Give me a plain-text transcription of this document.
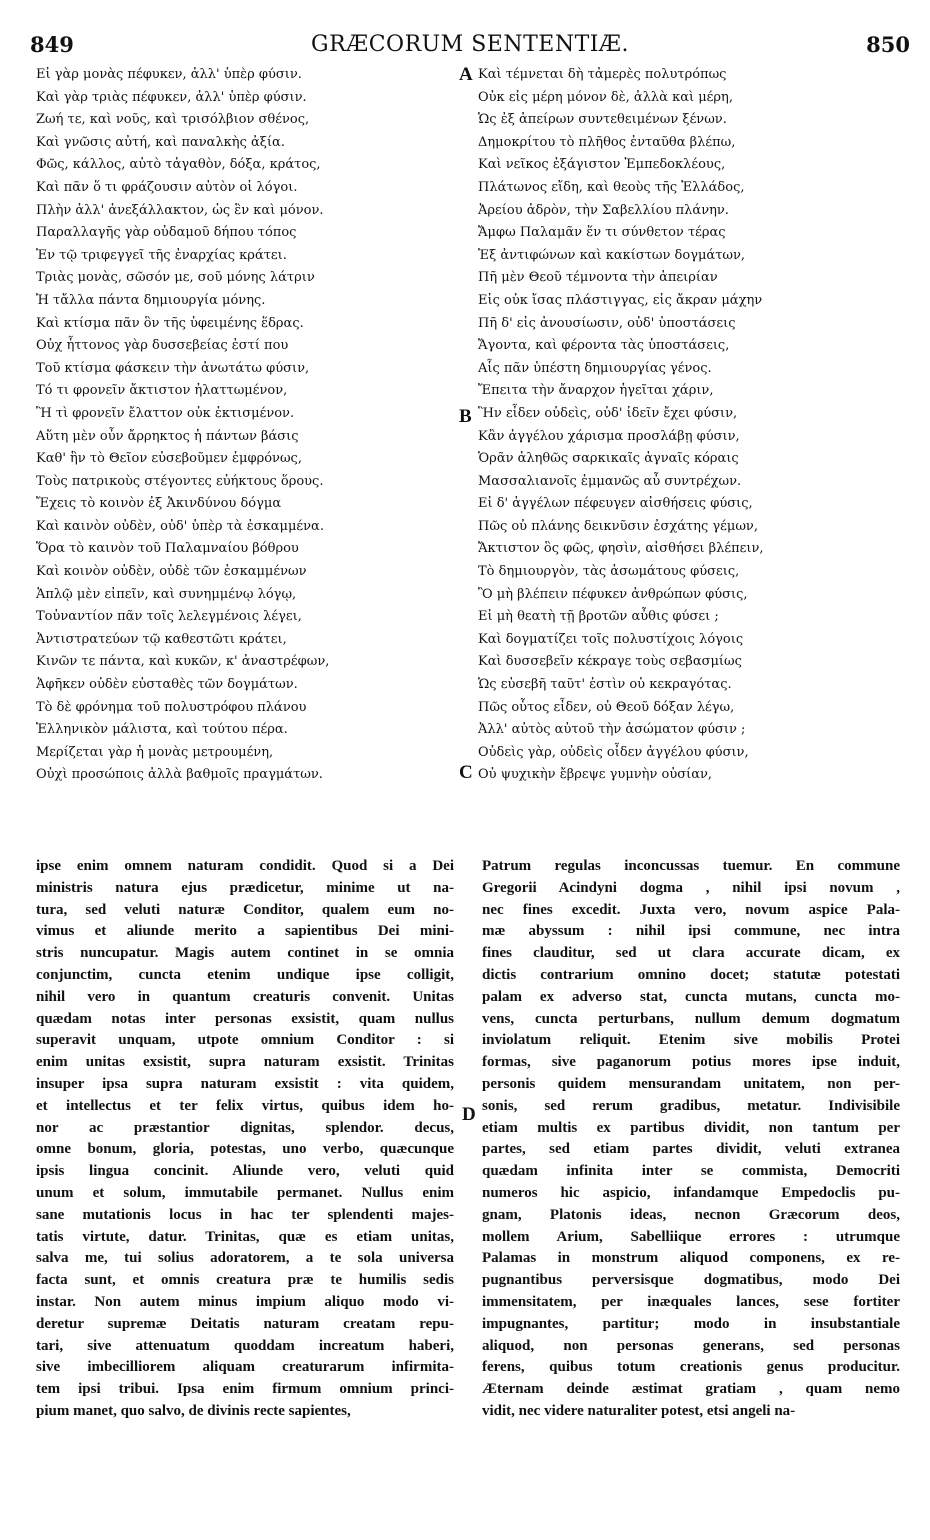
849	GRÆCORUM SENTENTIÆ.	850
Εἰ γὰρ μονὰς πέφυκεν, ἀλλ' ὑπὲρ φύσιν.
Καὶ γὰρ τριὰς πέφυκεν, ἀλλ' ὑπὲρ φύσιν.
Ζωή τε, καὶ νοῦς, καὶ τρισόλβιον σθένος,
Καὶ γνῶσις αὐτή, καὶ παναλκὴς ἀξία.
Φῶς, κάλλος, αὐτὸ τἀγαθὸν, δόξα, κράτος,
Καὶ πᾶν ὅ τι φράζουσιν αὐτὸν οἱ λόγοι.
Πλὴν ἀλλ' ἀνεξάλλακτον, ὡς ἓν καὶ μόνον.
Παραλλαγῆς γὰρ οὐδαμοῦ δήπου τόπος
Ἐν τῷ τριφεγγεῖ τῆς ἐναρχίας κράτει.
Τριὰς μονὰς, σῶσόν με, σοῦ μόνης λάτριν
Ἡ τἄλλα πάντα δημιουργία μόνης.
Καὶ κτίσμα πᾶν ὃν τῆς ὑφειμένης ἕδρας.
Οὐχ ἧττονος γὰρ δυσσεβείας ἐστί που
Τοῦ κτίσμα φάσκειν τὴν ἀνωτάτω φύσιν,
Τό τι φρονεῖν ἄκτιστον ἠλαττωμένον,
Ἢ τὶ φρονεῖν ἔλαττον οὐκ ἐκτισμένον.
Αὕτη μὲν οὖν ἄρρηκτος ἡ πάντων βάσις
Καθ' ἣν τὸ Θεῖον εὐσεβοῦμεν ἐμφρόνως,
Τοὺς πατρικοὺς στέγοντες εὐήκτους ὅρους.
Ἔχεις τὸ κοινὸν ἐξ Ἀκινδύνου δόγμα
Καὶ καινὸν οὐδὲν, οὐδ' ὑπὲρ τὰ ἐσκαμμένα.
Ὅρα τὸ καινὸν τοῦ Παλαμναίου βόθρου
Καὶ κοινὸν οὐδὲν, οὐδὲ τῶν ἐσκαμμένων
Ἁπλῷ μὲν εἰπεῖν, καὶ συνημμένῳ λόγῳ,
Τοὐναντίον πᾶν τοῖς λελεγμένοις λέγει,
Ἀντιστρατεύων τῷ καθεστῶτι κράτει,
Κινῶν τε πάντα, καὶ κυκῶν, κ' ἀναστρέφων,
Ἀφῆκεν οὐδὲν εὐσταθὲς τῶν δογμάτων.
Τὸ δὲ φρόνημα τοῦ πολυστρόφου πλάνου
Ἑλληνικὸν μάλιστα, καὶ τούτου πέρα.
Μερίζεται γὰρ ἡ μονὰς μετρουμένη,
Οὐχὶ προσώποις ἀλλὰ βαθμοῖς πραγμάτων.
Καὶ τέμνεται δὴ τἀμερὲς πολυτρόπως
Οὐκ εἰς μέρη μόνον δὲ, ἀλλὰ καὶ μέρη,
Ὡς ἐξ ἀπείρων συντεθειμένων ξένων.
Δημοκρίτου τὸ πλῆθος ἐνταῦθα βλέπω,
Καὶ νεῖκος ἐξάγιστον Ἐμπεδοκλέους,
Πλάτωνος εἴδη, καὶ θεοὺς τῆς Ἑλλάδος,
Ἀρείου ἀδρὸν, τὴν Σαβελλίου πλάνην.
Ἄμφω Παλαμᾶν ἕν τι σύνθετον τέρας
Ἐξ ἀντιφώνων καὶ κακίστων δογμάτων,
Πῆ μὲν Θεοῦ τέμνοντα τὴν ἀπειρίαν
Εἰς οὐκ ἴσας πλάστιγγας, εἰς ἄκραν μάχην
Πῆ δ' εἰς ἀνουσίωσιν, οὐδ' ὑποστάσεις
Ἄγοντα, καὶ φέροντα τὰς ὑποστάσεις,
Αἷς πᾶν ὑπέστη δημιουργίας γένος.
Ἔπειτα τὴν ἄναρχον ἡγεῖται χάριν,
Ἣν εἶδεν οὐδεὶς, οὐδ' ἰδεῖν ἔχει φύσιν,
Κἂν ἀγγέλου χάρισμα προσλάβῃ φύσιν,
Ὁρᾶν ἀληθῶς σαρκικαῖς ἀγναῖς κόραις
Μασσαλιανοῖς ἐμμανῶς αὖ συντρέχων.
Εἰ δ' ἀγγέλων πέφευγεν αἰσθήσεις φύσις,
Πῶς οὐ πλάνης δεικνῦσιν ἐσχάτης γέμων,
Ἄκτιστον ὃς φῶς, φησὶν, αἰσθήσει βλέπειν,
Τὸ δημιουργὸν, τὰς ἀσωμάτους φύσεις,
Ὃ μὴ βλέπειν πέφυκεν ἀνθρώπων φύσις,
Εἰ μὴ θεατὴ τῇ βροτῶν αὖθις φύσει ;
Καὶ δογματίζει τοῖς πολυστίχοις λόγοις
Καὶ δυσσεβεῖν κέκραγε τοὺς σεβασμίως
Ὡς εὐσεβῆ ταῦτ' ἐστὶν οὐ κεκραγότας.
Πῶς οὗτος εἶδεν, οὐ Θεοῦ δόξαν λέγω,
Ἀλλ' αὐτὸς αὐτοῦ τὴν ἀσώματον φύσιν ;
Οὐδεὶς γὰρ, οὐδεὶς οἶδεν ἀγγέλου φύσιν,
Οὐ ψυχικὴν ἔβρεψε γυμνὴν οὐσίαν,
A
B
C
D
ipse enim omnem naturam condidit. Quod si a Dei
ministris natura ejus prædicetur, minime ut na-
tura, sed veluti naturæ Conditor, qualem eum no-
vimus et aliunde merito a sapientibus Dei mini-
stris nuncupatur. Magis autem continet in se omnia
conjunctim, cuncta etenim undique ipse colligit,
nihil vero in quantum creaturis convenit. Unitas
quædam notas inter personas exsistit, quam nullus
superavit unquam, utpote omnium Conditor : si
enim unitas exsistit, supra naturam exsistit. Trinitas
insuper ipsa supra naturam exsistit : vita quidem,
et intellectus et ter felix virtus, quibus idem ho-
nor ac præstantior dignitas, splendor. decus,
omne bonum, gloria, potestas, uno verbo, quæcunque
ipsis lingua concinit. Aliunde vero, veluti quid
unum et solum, immutabile permanet. Nullus enim
sane mutationis locus in hac ter splendenti majes-
tatis virtute, datur. Trinitas, quæ es etiam unitas,
salva me, tui solius adoratorem, a te sola universa
facta sunt, et omnis creatura præ te humilis sedis
instar. Non autem minus impium aliquo modo vi-
deretur supremæ Deitatis naturam creatam repu-
tari, sive attenuatum quoddam increatum haberi,
sive imbecilliorem aliquam creaturarum infirmita-
tem ipsi tribui. Ipsa enim firmum omnium princi-
pium manet, quo salvo, de divinis recte sapientes,
Patrum regulas inconcussas tuemur. En commune
Gregorii Acindyni dogma , nihil ipsi novum ,
nec fines excedit. Juxta vero, novum aspice Pala-
mæ abyssum : nihil ipsi commune, nec intra
fines clauditur, sed ut clara accurate dicam, ex
dictis contrarium omnino docet; statutæ potestati
palam ex adverso stat, cuncta mutans, cuncta mo-
vens, cuncta perturbans, nullum demum dogmatum
inviolatum reliquit. Etenim sive mobilis Protei
formas, sive paganorum potius mores ipse induit,
personis quidem mensurandam unitatem, non per-
sonis, sed rerum gradibus, metatur. Indivisibile
etiam multis ex partibus dividit, non tantum per
partes, sed etiam partes dividit, veluti extranea
quædam infinita inter se commista, Democriti
numeros hic aspicio, infandamque Empedoclis pu-
gnam, Platonis ideas, necnon Græcorum deos,
mollem Arium, Sabelliique errores : utrumque
Palamas in monstrum aliquod componens, ex re-
pugnantibus perversisque dogmatibus, modo Dei
immensitatem, per inæquales lances, sese fortiter
impugnantes, partitur; modo in insubstantiale
aliquod, non personas generans, sed personas
ferens, quibus totum creationis genus producitur.
Æternam deinde æstimat gratiam , quam nemo
vidit, nec videre naturaliter potest, etsi angeli na-
